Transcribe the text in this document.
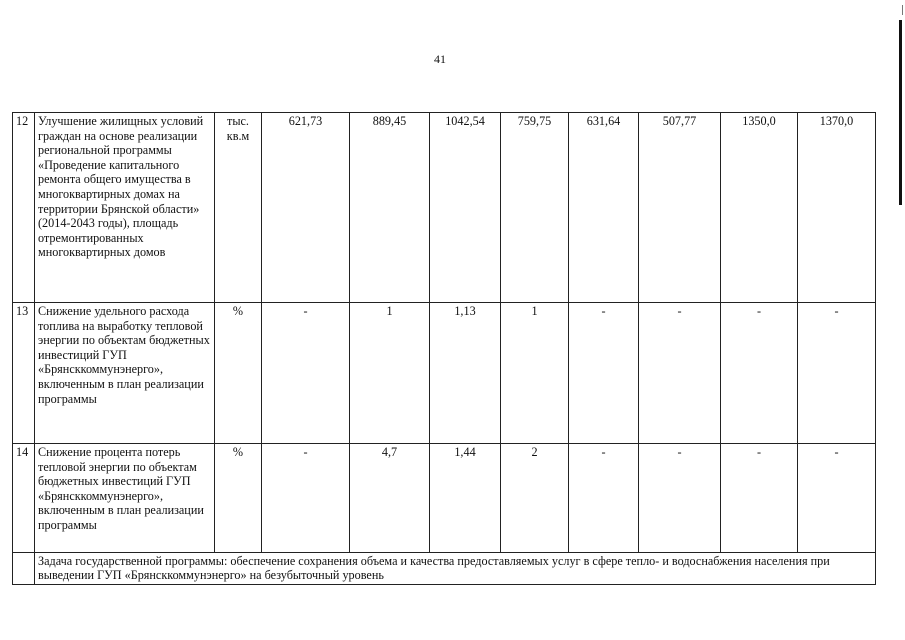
41
12	Улучшение жилищных условий граждан на основе реализации региональной программы «Проведение капитального ремонта общего имущества в многоквартирных домах на территории Брянской области» (2014-2043 годы), площадь отремонтированных многоквартирных домов	тыс. кв.м	621,73	889,45	1042,54	759,75	631,64	507,77	1350,0	1370,0
13	Снижение удельного расхода топлива на выработку тепловой энергии по объектам бюджетных инвестиций ГУП «Брянсккоммунэнерго», включенным в план реализации программы	%	-	1	1,13	1	-	-	-	-
14	Снижение процента потерь тепловой энергии по объектам бюджетных инвестиций ГУП «Брянсккоммунэнерго», включенным в план реализации программы	%	-	4,7	1,44	2	-	-	-	-
	Задача государственной программы: обеспечение сохранения объема и качества предоставляемых услуг в сфере тепло- и водоснабжения населения при выведении ГУП «Брянсккоммунэнерго» на безубыточный уровень									
